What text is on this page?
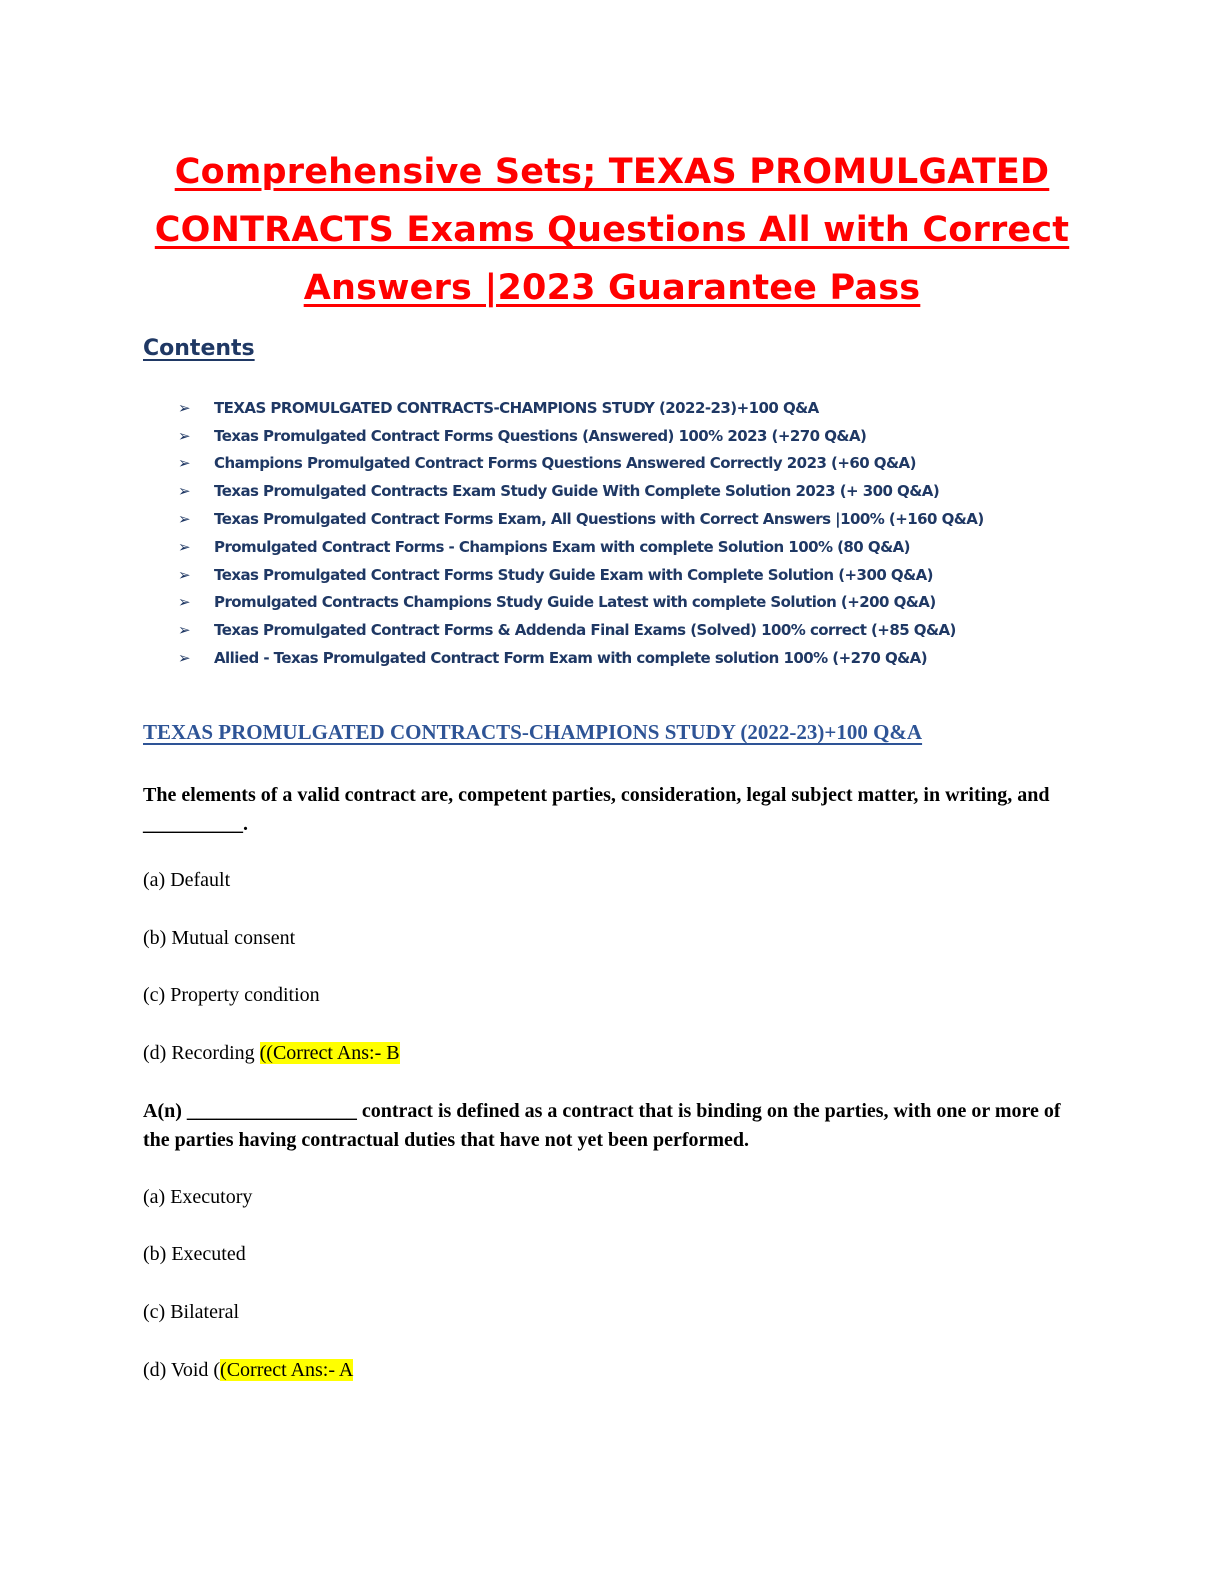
Comprehensive Sets; TEXAS PROMULGATED
CONTRACTS Exams Questions All with Correct
Answers |2023 Guarantee Pass
Contents
➢	TEXAS PROMULGATED CONTRACTS-CHAMPIONS STUDY (2022-23)+100 Q&A
➢	Texas Promulgated Contract Forms Questions (Answered) 100% 2023 (+270 Q&A)
➢	Champions Promulgated Contract Forms Questions Answered Correctly 2023 (+60 Q&A)
➢	Texas Promulgated Contracts Exam Study Guide With Complete Solution 2023 (+ 300 Q&A)
➢	Texas Promulgated Contract Forms Exam, All Questions with Correct Answers |100% (+160 Q&A)
➢	Promulgated Contract Forms - Champions Exam with complete Solution 100% (80 Q&A)
➢	Texas Promulgated Contract Forms Study Guide Exam with Complete Solution (+300 Q&A)
➢	Promulgated Contracts Champions Study Guide Latest with complete Solution (+200 Q&A)
➢	Texas Promulgated Contract Forms & Addenda Final Exams (Solved) 100% correct (+85 Q&A)
➢	Allied - Texas Promulgated Contract Form Exam with complete solution 100% (+270 Q&A)
TEXAS PROMULGATED CONTRACTS-CHAMPIONS STUDY (2022-23)+100 Q&A
The elements of a valid contract are, competent parties, consideration, legal subject matter, in writing, and __________.
(a) Default
(b) Mutual consent
(c) Property condition
(d) Recording ((Correct Ans:- B
A(n) _________________ contract is defined as a contract that is binding on the parties, with one or more of the parties having contractual duties that have not yet been performed.
(a) Executory
(b) Executed
(c) Bilateral
(d) Void ((Correct Ans:- A
